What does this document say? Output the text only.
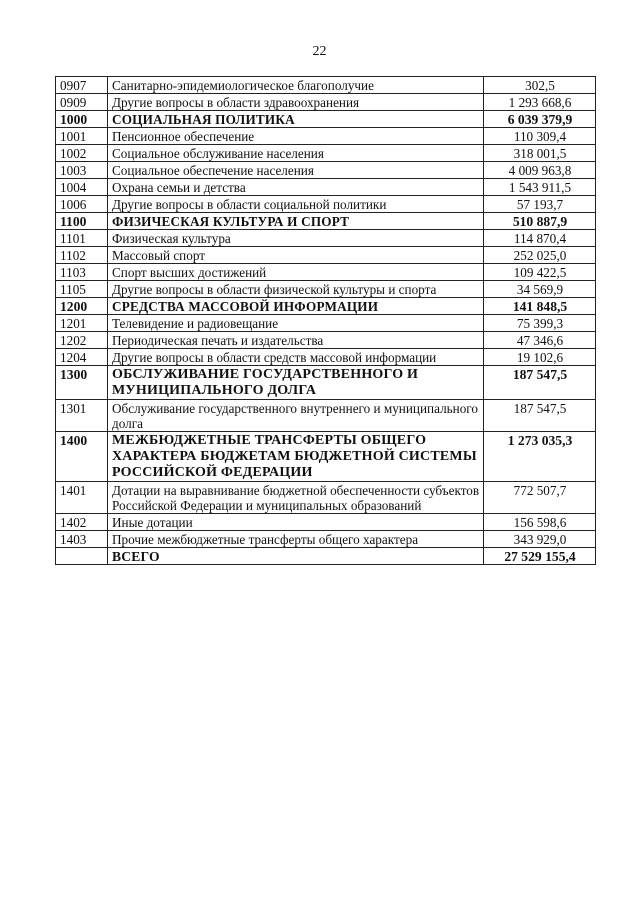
22
0907	Санитарно-эпидемиологическое благополучие	302,5
0909	Другие вопросы в области здравоохранения	1 293 668,6
1000	СОЦИАЛЬНАЯ ПОЛИТИКА	6 039 379,9
1001	Пенсионное обеспечение	110 309,4
1002	Социальное обслуживание населения	318 001,5
1003	Социальное обеспечение населения	4 009 963,8
1004	Охрана семьи и детства	1 543 911,5
1006	Другие вопросы в области социальной политики	57 193,7
1100	ФИЗИЧЕСКАЯ КУЛЬТУРА И СПОРТ	510 887,9
1101	Физическая культура	114 870,4
1102	Массовый спорт	252 025,0
1103	Спорт высших достижений	109 422,5
1105	Другие вопросы в области физической культуры и спорта	34 569,9
1200	СРЕДСТВА МАССОВОЙ ИНФОРМАЦИИ	141 848,5
1201	Телевидение и радиовещание	75 399,3
1202	Периодическая печать и издательства	47 346,6
1204	Другие вопросы в области средств массовой информации	19 102,6
1300	ОБСЛУЖИВАНИЕ ГОСУДАРСТВЕННОГО И МУНИЦИПАЛЬНОГО ДОЛГА	187 547,5
1301	Обслуживание государственного внутреннего и муниципального долга	187 547,5
1400	МЕЖБЮДЖЕТНЫЕ ТРАНСФЕРТЫ ОБЩЕГО ХАРАКТЕРА БЮДЖЕТАМ БЮДЖЕТНОЙ СИСТЕМЫ РОССИЙСКОЙ ФЕДЕРАЦИИ	1 273 035,3
1401	Дотации на выравнивание бюджетной обеспеченности субъектов Российской Федерации и муниципальных образований	772 507,7
1402	Иные дотации	156 598,6
1403	Прочие межбюджетные трансферты общего характера	343 929,0
	ВСЕГО	27 529 155,4
